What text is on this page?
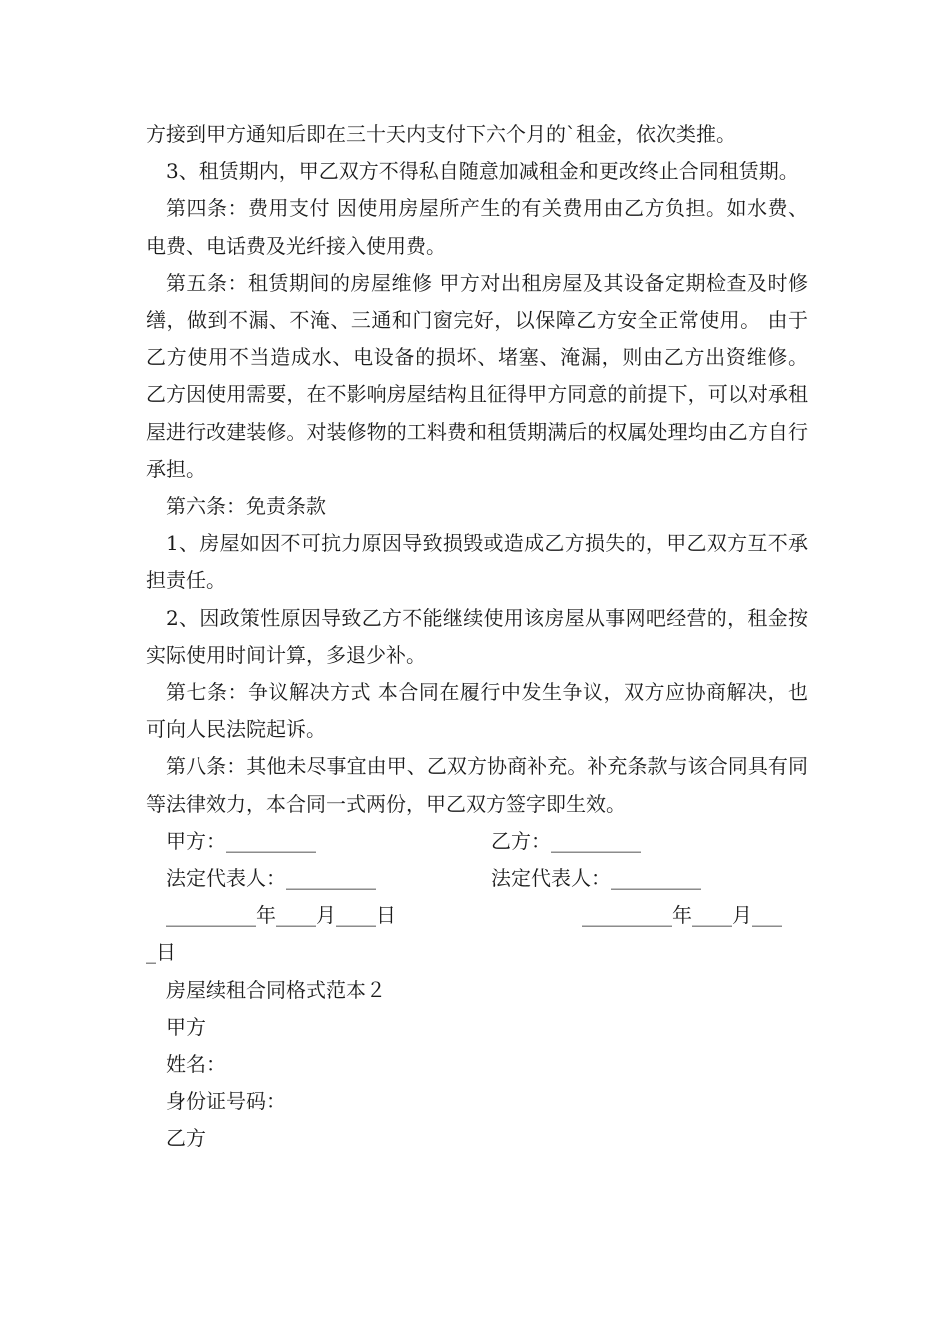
方接到甲方通知后即在三十天内支付下六个月的`租金，依次类推。

3、租赁期内，甲乙双方不得私自随意加减租金和更改终止合同租赁期。

第四条：费用支付 因使用房屋所产生的有关费用由乙方负担。如水费、电费、电话费及光纤接入使用费。

第五条：租赁期间的房屋维修 甲方对出租房屋及其设备定期检查及时修缮，做到不漏、不淹、三通和门窗完好，以保障乙方安全正常使用。 由于乙方使用不当造成水、电设备的损坏、堵塞、淹漏，则由乙方出资维修。 乙方因使用需要，在不影响房屋结构且征得甲方同意的前提下，可以对承租屋进行改建装修。对装修物的工料费和租赁期满后的权属处理均由乙方自行承担。

第六条：免责条款

1、房屋如因不可抗力原因导致损毁或造成乙方损失的，甲乙双方互不承担责任。

2、因政策性原因导致乙方不能继续使用该房屋从事网吧经营的，租金按实际使用时间计算，多退少补。

第七条：争议解决方式 本合同在履行中发生争议，双方应协商解决，也可向人民法院起诉。

第八条：其他未尽事宜由甲、乙双方协商补充。补充条款与该合同具有同等法律效力，本合同一式两份，甲乙双方签字即生效。

甲方：_________	乙方：_________
法定代表人：_________	法定代表人：_________
_________年____月____日	_________年____月___
_日
房屋续租合同格式范本２
甲方
姓名：
身份证号码：
乙方
